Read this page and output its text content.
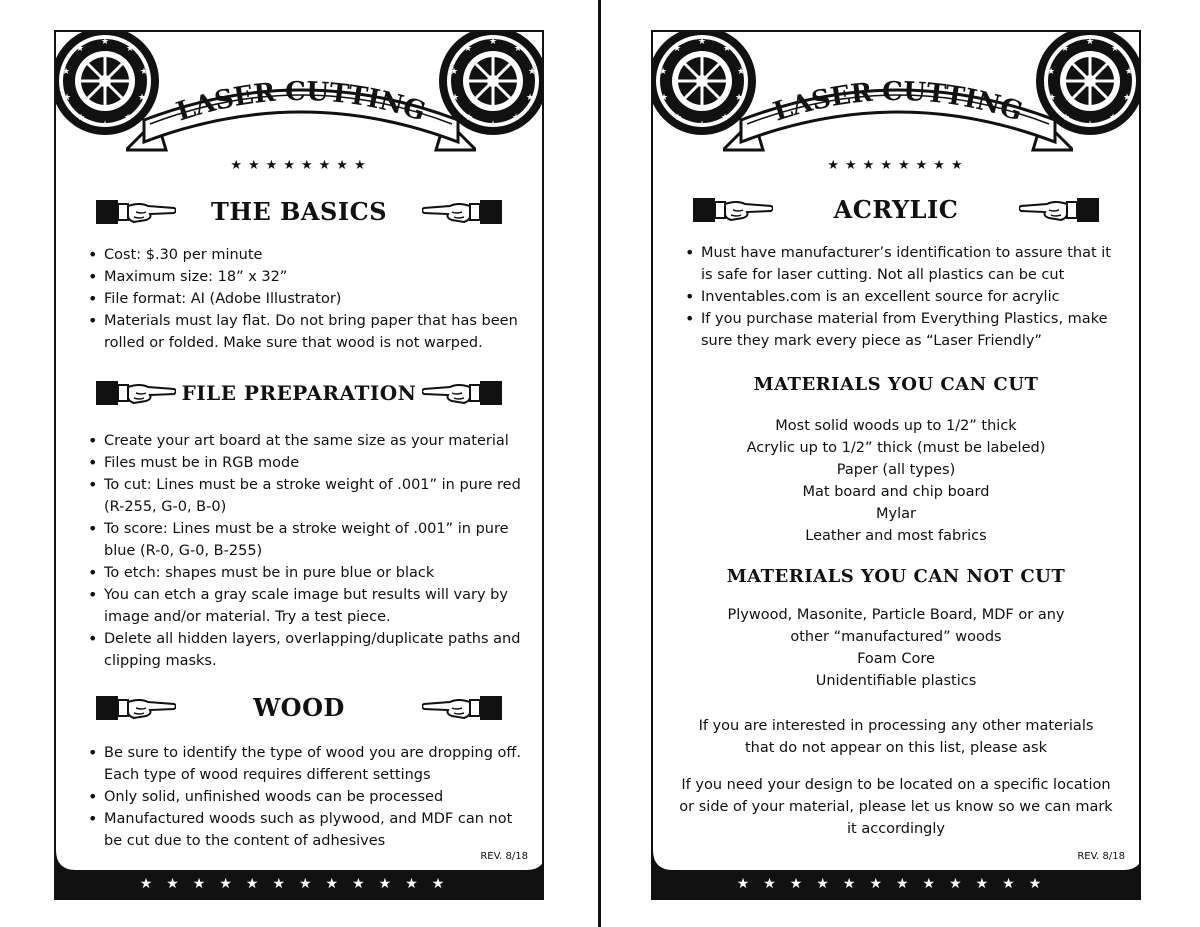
LASER CUTTING
★★★★★★★★
THE BASICS
• Cost: $.30 per minute
• Maximum size: 18” x 32”
• File format: AI (Adobe Illustrator)
• Materials must lay flat. Do not bring paper that has been rolled or folded. Make sure that wood is not warped.
FILE PREPARATION
• Create your art board at the same size as your material
• Files must be in RGB mode
• To cut: Lines must be a stroke weight of .001” in pure red (R-255, G-0, B-0)
• To score: Lines must be a stroke weight of .001” in pure blue (R-0, G-0, B-255)
• To etch: shapes must be in pure blue or black
• You can etch a gray scale image but results will vary by image and/or material. Try a test piece.
• Delete all hidden layers, overlapping/duplicate paths and clipping masks.
WOOD
• Be sure to identify the type of wood you are dropping off. Each type of wood requires different settings
• Only solid, unfinished woods can be processed
• Manufactured woods such as plywood, and MDF can not be cut due to the content of adhesives
REV. 8/18
★★★★★★★★★★★★
LASER CUTTING
★★★★★★★★
ACRYLIC
• Must have manufacturer’s identification to assure that it is safe for laser cutting. Not all plastics can be cut
• Inventables.com is an excellent source for acrylic
• If you purchase material from Everything Plastics, make sure they mark every piece as “Laser Friendly”
MATERIALS YOU CAN CUT
Most solid woods up to 1/2” thick
Acrylic up to 1/2” thick (must be labeled)
Paper (all types)
Mat board and chip board
Mylar
Leather and most fabrics
MATERIALS YOU CAN NOT CUT
Plywood, Masonite, Particle Board, MDF or any
other “manufactured” woods
Foam Core
Unidentifiable plastics
If you are interested in processing any other materials that do not appear on this list, please ask
If you need your design to be located on a specific location or side of your material, please let us know so we can mark it accordingly
REV. 8/18
★★★★★★★★★★★★
